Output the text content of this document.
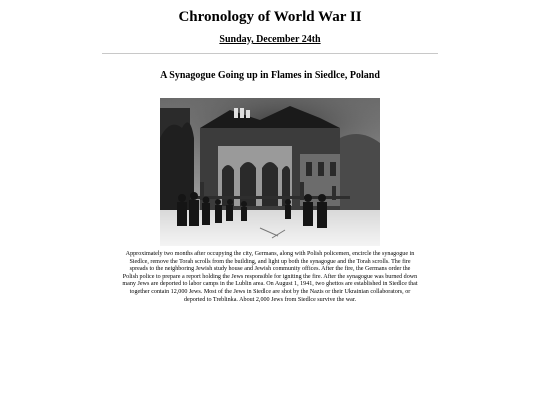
Chronology of World War II
Sunday, December 24th
A Synagogue Going up in Flames in Siedlce, Poland
Approximately two months after occupying the city, Germans, along with Polish policemen, encircle the synagogue in Siedlce, remove the Torah scrolls from the building, and light up both the synagogue and the Torah scrolls. The fire spreads to the neighboring Jewish study house and Jewish community offices. After the fire, the Germans order the Polish police to prepare a report holding the Jews responsible for igniting the fire. After the synagogue was burned down many Jews are deported to labor camps in the Lublin area. On August 1, 1941, two ghettos are established in Siedlce that together contain 12,000 Jews. Most of the Jews in Siedlce are shot by the Nazis or their Ukrainian collaborators, or deported to Treblinka. About 2,000 Jews from Siedlce survive the war.
